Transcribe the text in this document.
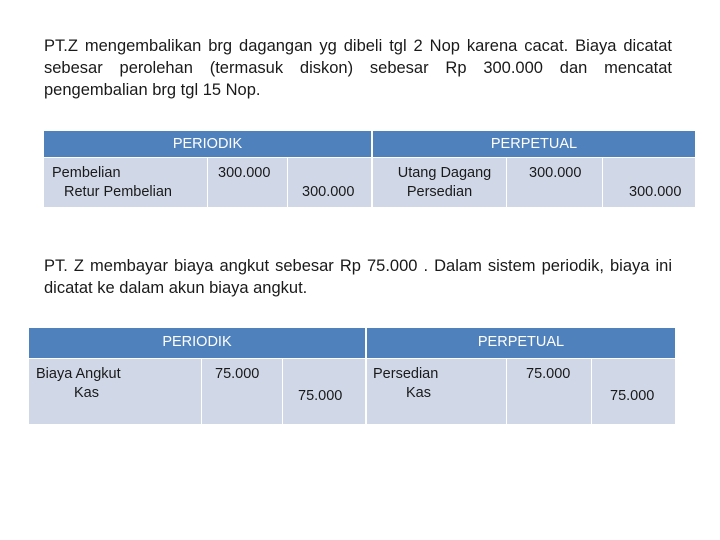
PT.Z mengembalikan brg dagangan yg dibeli tgl 2 Nop karena cacat. Biaya dicatat sebesar perolehan (termasuk diskon) sebesar Rp 300.000 dan mencatat pengembalian brg tgl 15 Nop.

PERIODIK	PERPETUAL
Pembelian
Retur Pembelian
300.000
300.000
Utang Dagang
Persedian
300.000
300.000

PT. Z membayar biaya angkut sebesar Rp 75.000 . Dalam sistem periodik, biaya ini dicatat ke dalam akun biaya angkut.

PERIODIK	PERPETUAL
Biaya Angkut
Kas
75.000
75.000
Persedian
Kas
75.000
75.000
